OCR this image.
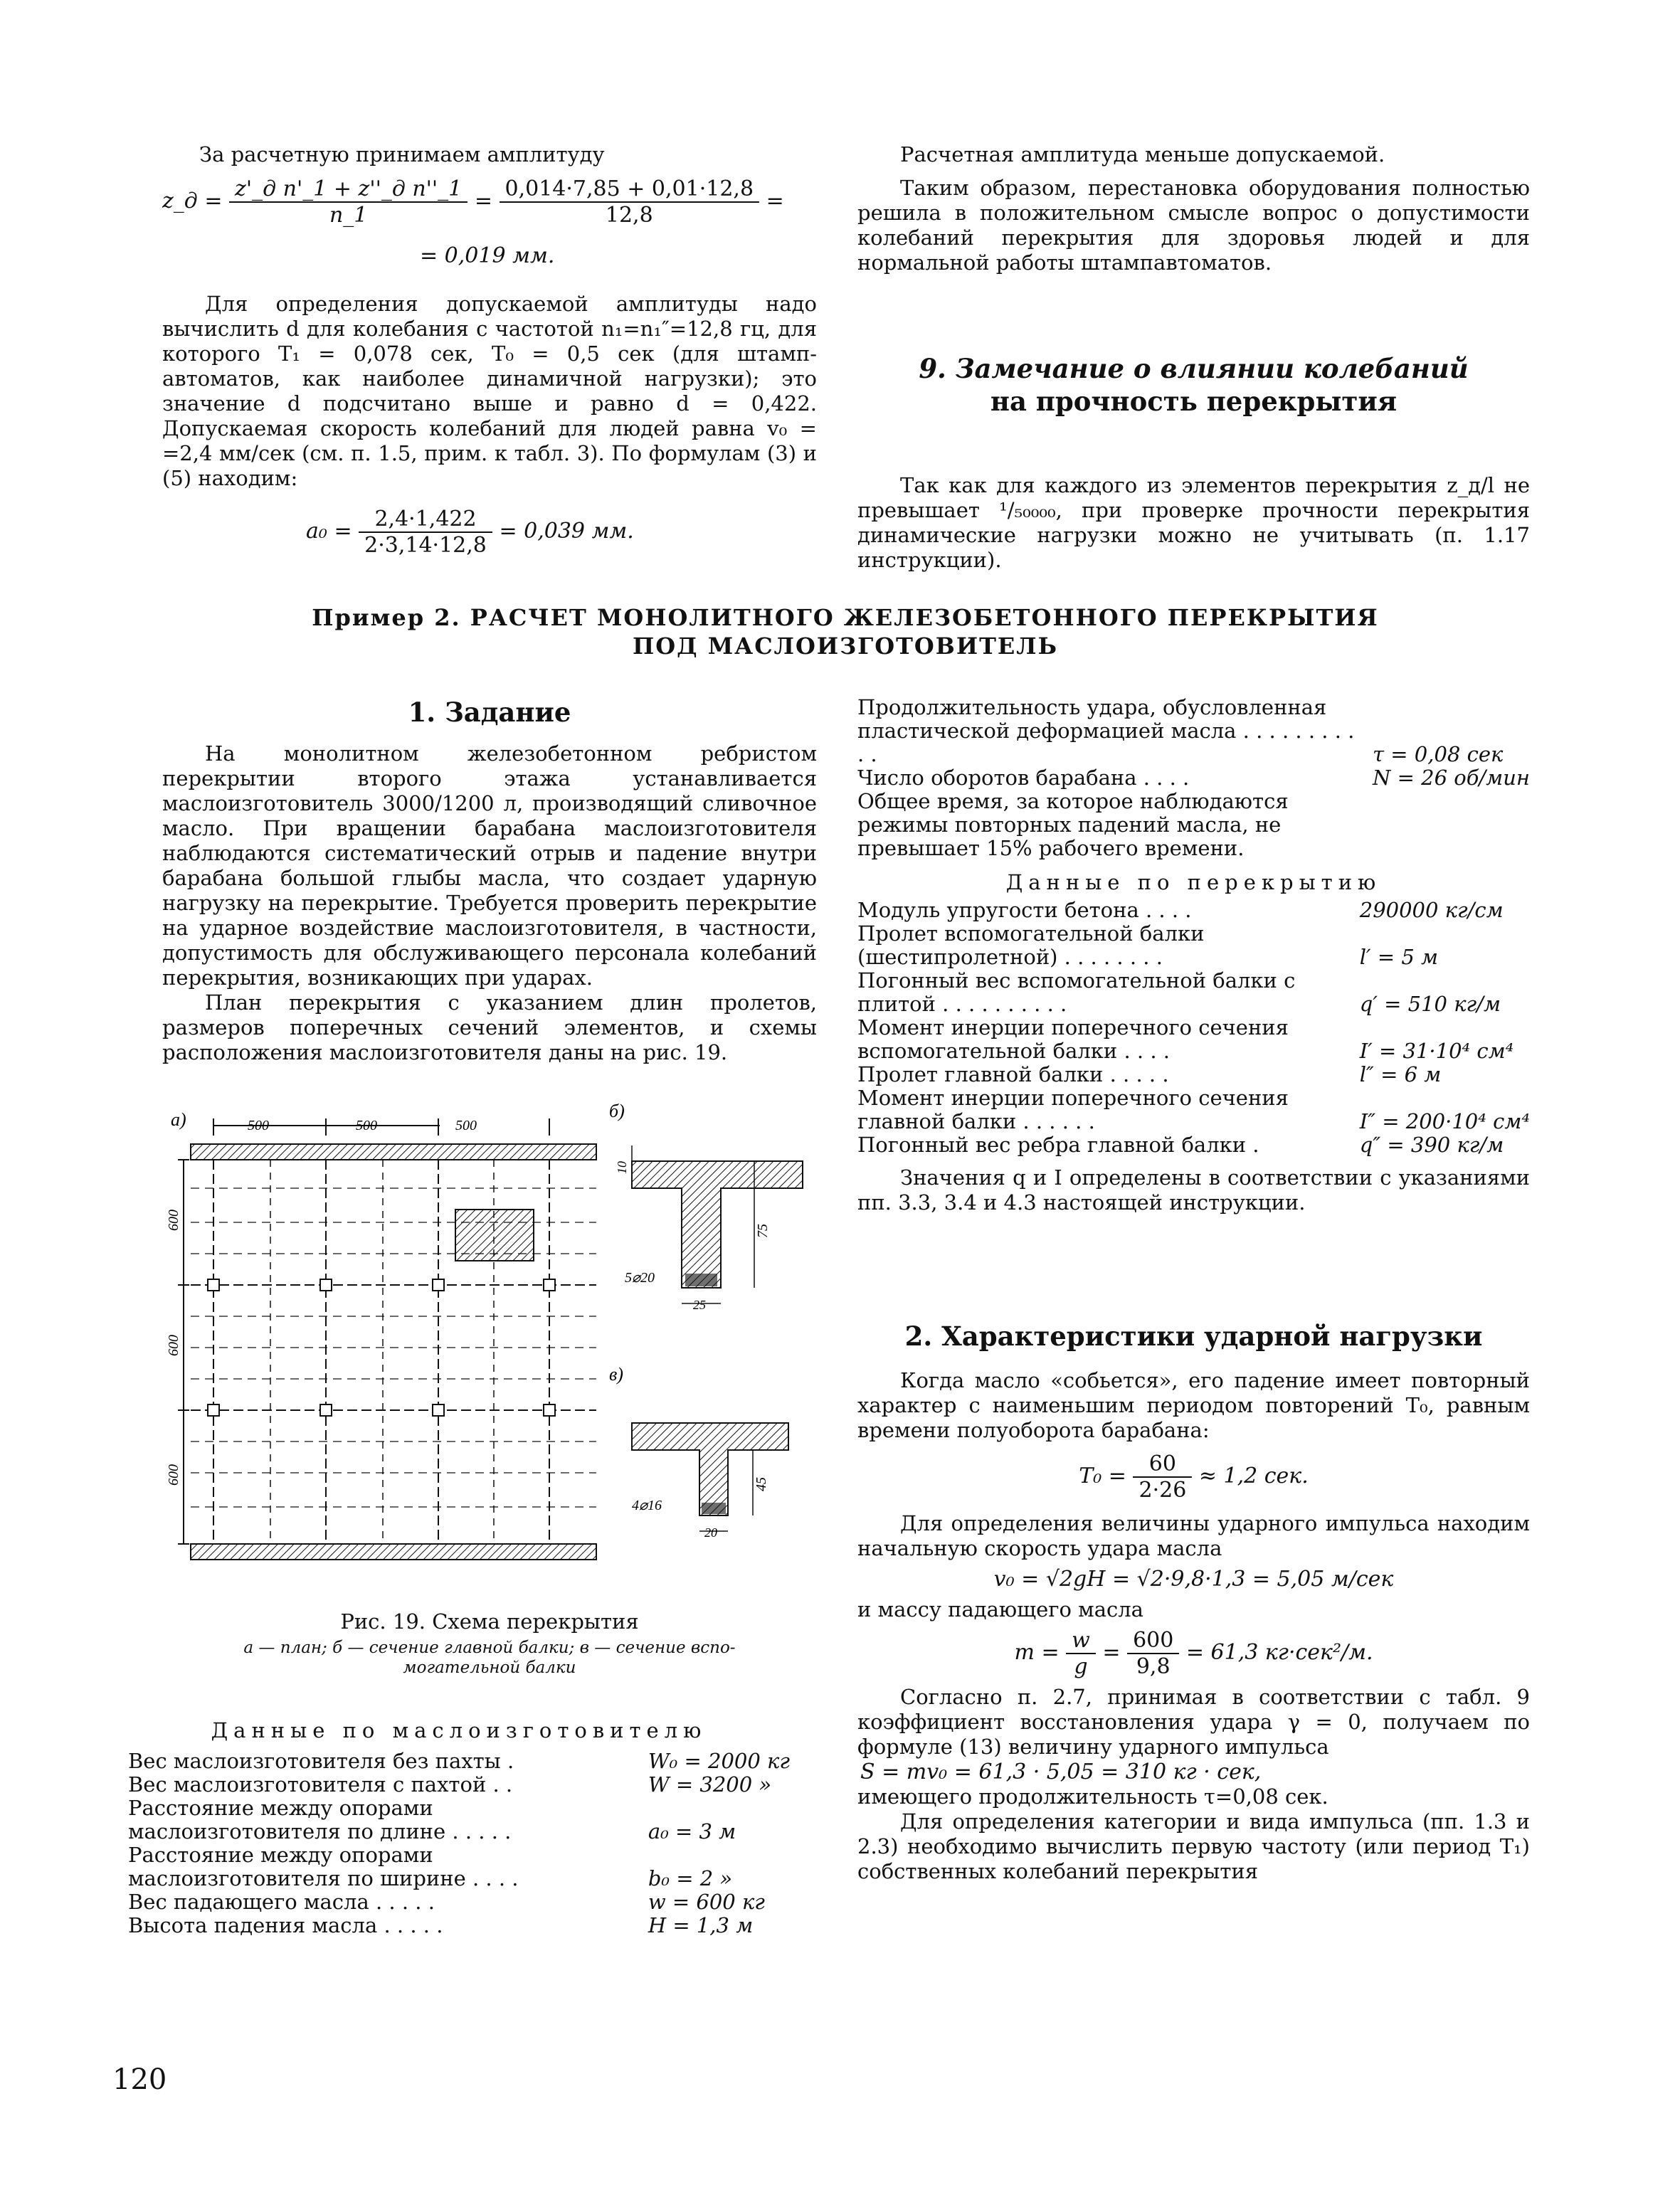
За расчетную принимаем амплитуду

z_д = $\frac{\text{z'\_д n'\_1 + z''\_д n''\_1}}{n\_1} = \frac{0,014\cdot 7,85 + 0,01\cdot 12,8}{12,8}$ =
= 0,019 мм.

Для определения допускаемой амплитуды надо вычислить d для колебания с частотой n₁=n₁″=12,8 гц, для которого T₁ = 0,078 сек, T₀ = 0,5 сек (для штамп-автоматов, как наиболее динамичной нагрузки); это значение d подсчитано выше и равно d = 0,422. Допускаемая скорость колебаний для людей равна v₀ = =2,4 мм/сек (см. п. 1.5, прим. к табл. 3). По формулам (3) и (5) находим:

$a_0 = \frac{2,4\cdot 1,422}{2\cdot 3,14\cdot 12,8} = 0,039$ мм.

Расчетная амплитуда меньше допускаемой.

Таким образом, перестановка оборудования полностью решила в положительном смысле вопрос о допустимости колебаний перекрытия для здоровья людей и для нормальной работы штампавтоматов.

9. Замечание о влиянии колебаний

на прочность перекрытия

Так как для каждого из элементов перекрытия z_д/l не превышает ¹/₅₀₀₀₀, при проверке прочности перекрытия динамические нагрузки можно не учитывать (п. 1.17 инструкции).

Пример 2. РАСЧЕТ МОНОЛИТНОГО ЖЕЛЕЗОБЕТОННОГО ПЕРЕКРЫТИЯ
ПОД МАСЛОИЗГОТОВИТЕЛЬ

1. Задание

На монолитном железобетонном ребристом перекрытии второго этажа устанавливается маслоизготовитель 3000/1200 л, производящий сливочное масло. При вращении барабана маслоизготовителя наблюдаются систематический отрыв и падение внутри барабана большой глыбы масла, что создает ударную нагрузку на перекрытие. Требуется проверить перекрытие на ударное воздействие маслоизготовителя, в частности, допустимость для обслуживающего персонала колебаний перекрытия, возникающих при ударах.

План перекрытия с указанием длин пролетов, размеров поперечных сечений элементов, и схемы расположения маслоизготовителя даны на рис. 19.

а)	500	500	500
600
600
600
б)
10
75
25
5⌀20
в)
45
20
4⌀16
Рис. 19. Схема перекрытия
а — план; б — сечение главной балки; в — сечение вспо-
могательной балки
Данные по маслоизготовителю
Вес маслоизготовителя без пахты .	W₀ = 2000 кг
Вес маслоизготовителя с пахтой . .	W = 3200 »
Расстояние между опорами маслоизготовителя по длине . . . . .	a₀ = 3 м
Расстояние между опорами маслоизготовителя по ширине . . . .	b₀ = 2 »
Вес падающего масла . . . . .	w = 600 кг
Высота падения масла . . . . .	H = 1,3 м
Продолжительность удара, обусловленная пластической деформацией масла . . . . . . . . . . .	τ = 0,08 сек
Число оборотов барабана . . . .	N = 26 об/мин
Общее время, за которое наблюдаются режимы повторных падений масла, не превышает 15% рабочего времени.	
Данные по перекрытию
Модуль упругости бетона . . . .	290000 кг/см
Пролет вспомогательной балки (шестипролетной) . . . . . . . .	l′ = 5 м
Погонный вес вспомогательной балки с плитой . . . . . . . . . .	q′ = 510 кг/м
Момент инерции поперечного сечения вспомогательной балки . . . .	I′ = 31·10⁴ см⁴
Пролет главной балки . . . . .	l″ = 6 м
Момент инерции поперечного сечения главной балки . . . . . .	I″ = 200·10⁴ см⁴
Погонный вес ребра главной балки .	q″ = 390 кг/м

Значения q и I определены в соответствии с указаниями пп. 3.3, 3.4 и 4.3 настоящей инструкции.

2. Характеристики ударной нагрузки

Когда масло «собьется», его падение имеет повторный характер с наименьшим периодом повторений T₀, равным времени полуоборота барабана:

$T_0 = \frac{60}{2\cdot 26} \approx 1,2$ сек.

Для определения величины ударного импульса находим начальную скорость удара масла

v₀ = √2gH = √2·9,8·1,3 = 5,05 м/сек

и массу падающего масла

$m = \frac{w}{g} = \frac{600}{9,8} = 61,3$ кг·сек²/м.

Согласно п. 2.7, принимая в соответствии с табл. 9 коэффициент восстановления удара γ = 0, получаем по формуле (13) величину ударного импульса

S = mv₀ = 61,3 · 5,05 = 310 кг · сек,

имеющего продолжительность τ=0,08 сек.

Для определения категории и вида импульса (пп. 1.3 и 2.3) необходимо вычислить первую частоту (или период T₁) собственных колебаний перекрытия

120
